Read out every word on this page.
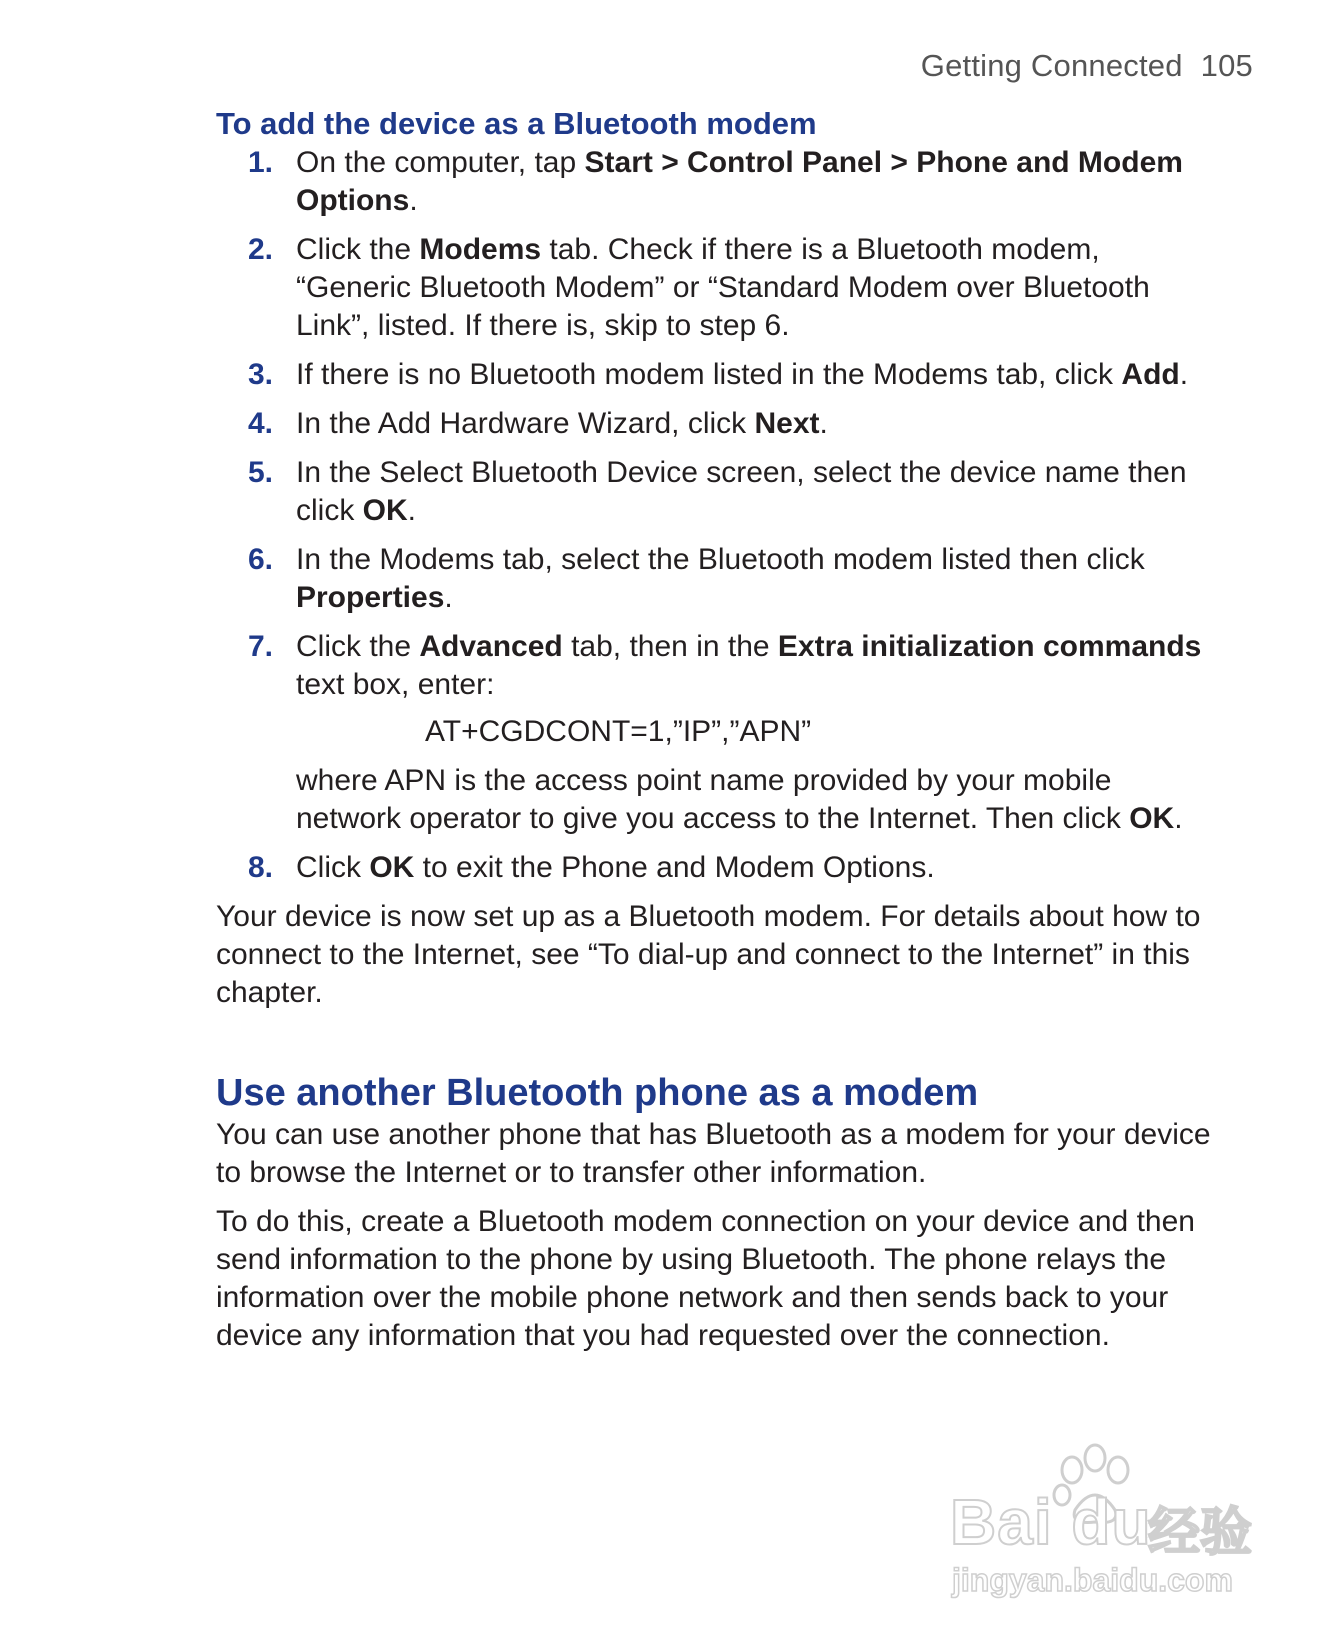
Getting Connected 105
To add the device as a Bluetooth modem
1. On the computer, tap Start > Control Panel > Phone and Modem Options.
2. Click the Modems tab. Check if there is a Bluetooth modem, “Generic Bluetooth Modem” or “Standard Modem over Bluetooth Link”, listed. If there is, skip to step 6.
3. If there is no Bluetooth modem listed in the Modems tab, click Add.
4. In the Add Hardware Wizard, click Next.
5. In the Select Bluetooth Device screen, select the device name then click OK.
6. In the Modems tab, select the Bluetooth modem listed then click Properties.
7. Click the Advanced tab, then in the Extra initialization commands text box, enter:
AT+CGDCONT=1,”IP”,”APN”
where APN is the access point name provided by your mobile network operator to give you access to the Internet. Then click OK.
8. Click OK to exit the Phone and Modem Options.

Your device is now set up as a Bluetooth modem. For details about how to connect to the Internet, see “To dial-up and connect to the Internet” in this chapter.

Use another Bluetooth phone as a modem

You can use another phone that has Bluetooth as a modem for your device to browse the Internet or to transfer other information.

To do this, create a Bluetooth modem connection on your device and then send information to the phone by using Bluetooth. The phone relays the information over the mobile phone network and then sends back to your device any information that you had requested over the connection.

Bai du
经验
jingyan.baidu.com
